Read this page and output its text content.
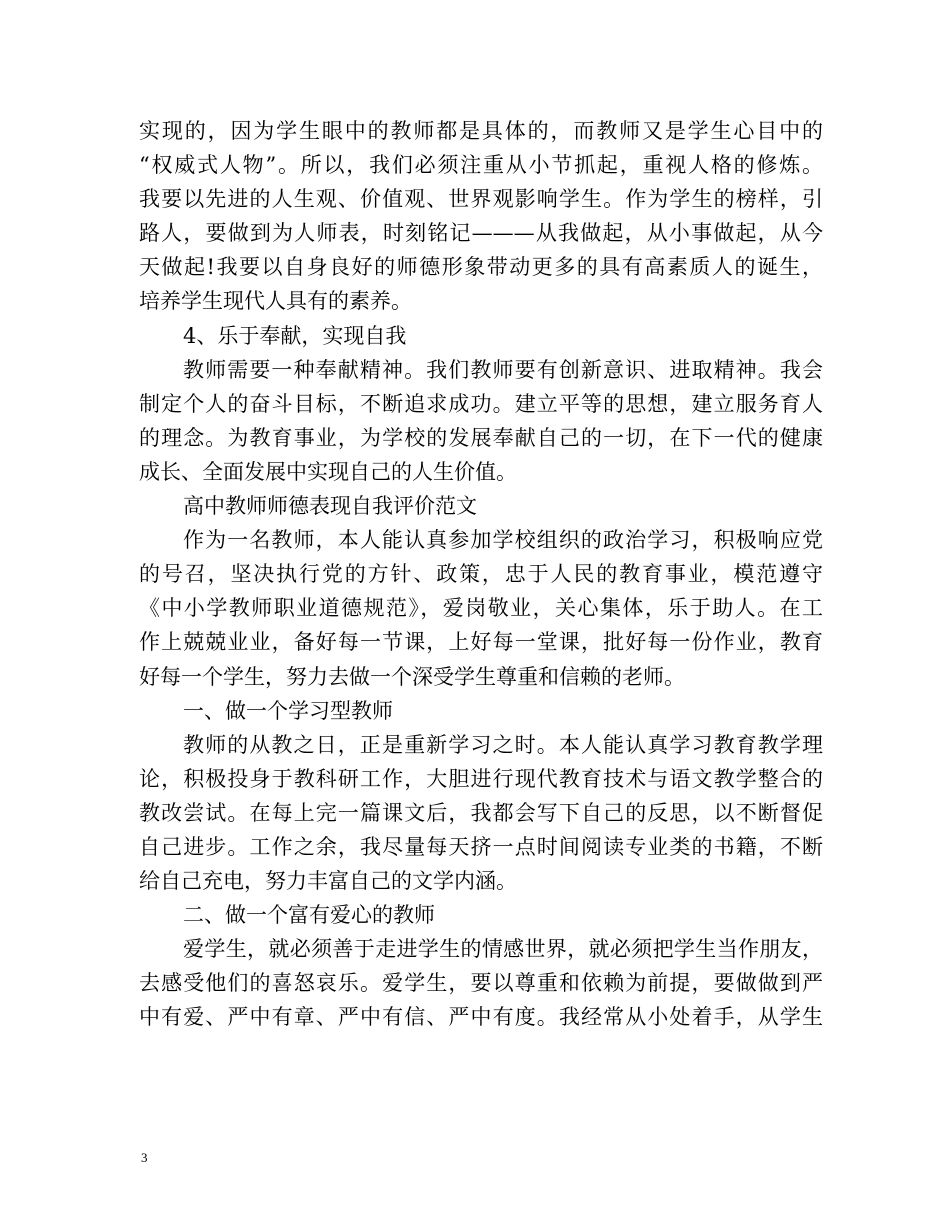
实现的，因为学生眼中的教师都是具体的，而教师又是学生心目中的
“权威式人物”。所以，我们必须注重从小节抓起，重视人格的修炼。
我要以先进的人生观、价值观、世界观影响学生。作为学生的榜样，引
路人，要做到为人师表，时刻铭记———从我做起，从小事做起，从今
天做起!我要以自身良好的师德形象带动更多的具有高素质人的诞生，
培养学生现代人具有的素养。
4、乐于奉献，实现自我
教师需要一种奉献精神。我们教师要有创新意识、进取精神。我会
制定个人的奋斗目标，不断追求成功。建立平等的思想，建立服务育人
的理念。为教育事业，为学校的发展奉献自己的一切，在下一代的健康
成长、全面发展中实现自己的人生价值。
高中教师师德表现自我评价范文
作为一名教师，本人能认真参加学校组织的政治学习，积极响应党
的号召，坚决执行党的方针、政策，忠于人民的教育事业，模范遵守
《中小学教师职业道德规范》，爱岗敬业，关心集体，乐于助人。在工
作上兢兢业业，备好每一节课，上好每一堂课，批好每一份作业，教育
好每一个学生，努力去做一个深受学生尊重和信赖的老师。
一、做一个学习型教师
教师的从教之日，正是重新学习之时。本人能认真学习教育教学理
论，积极投身于教科研工作，大胆进行现代教育技术与语文教学整合的
教改尝试。在每上完一篇课文后，我都会写下自己的反思，以不断督促
自己进步。工作之余，我尽量每天挤一点时间阅读专业类的书籍，不断
给自己充电，努力丰富自己的文学内涵。
二、做一个富有爱心的教师
爱学生，就必须善于走进学生的情感世界，就必须把学生当作朋友，
去感受他们的喜怒哀乐。爱学生，要以尊重和依赖为前提，要做做到严
中有爱、严中有章、严中有信、严中有度。我经常从小处着手，从学生
3
